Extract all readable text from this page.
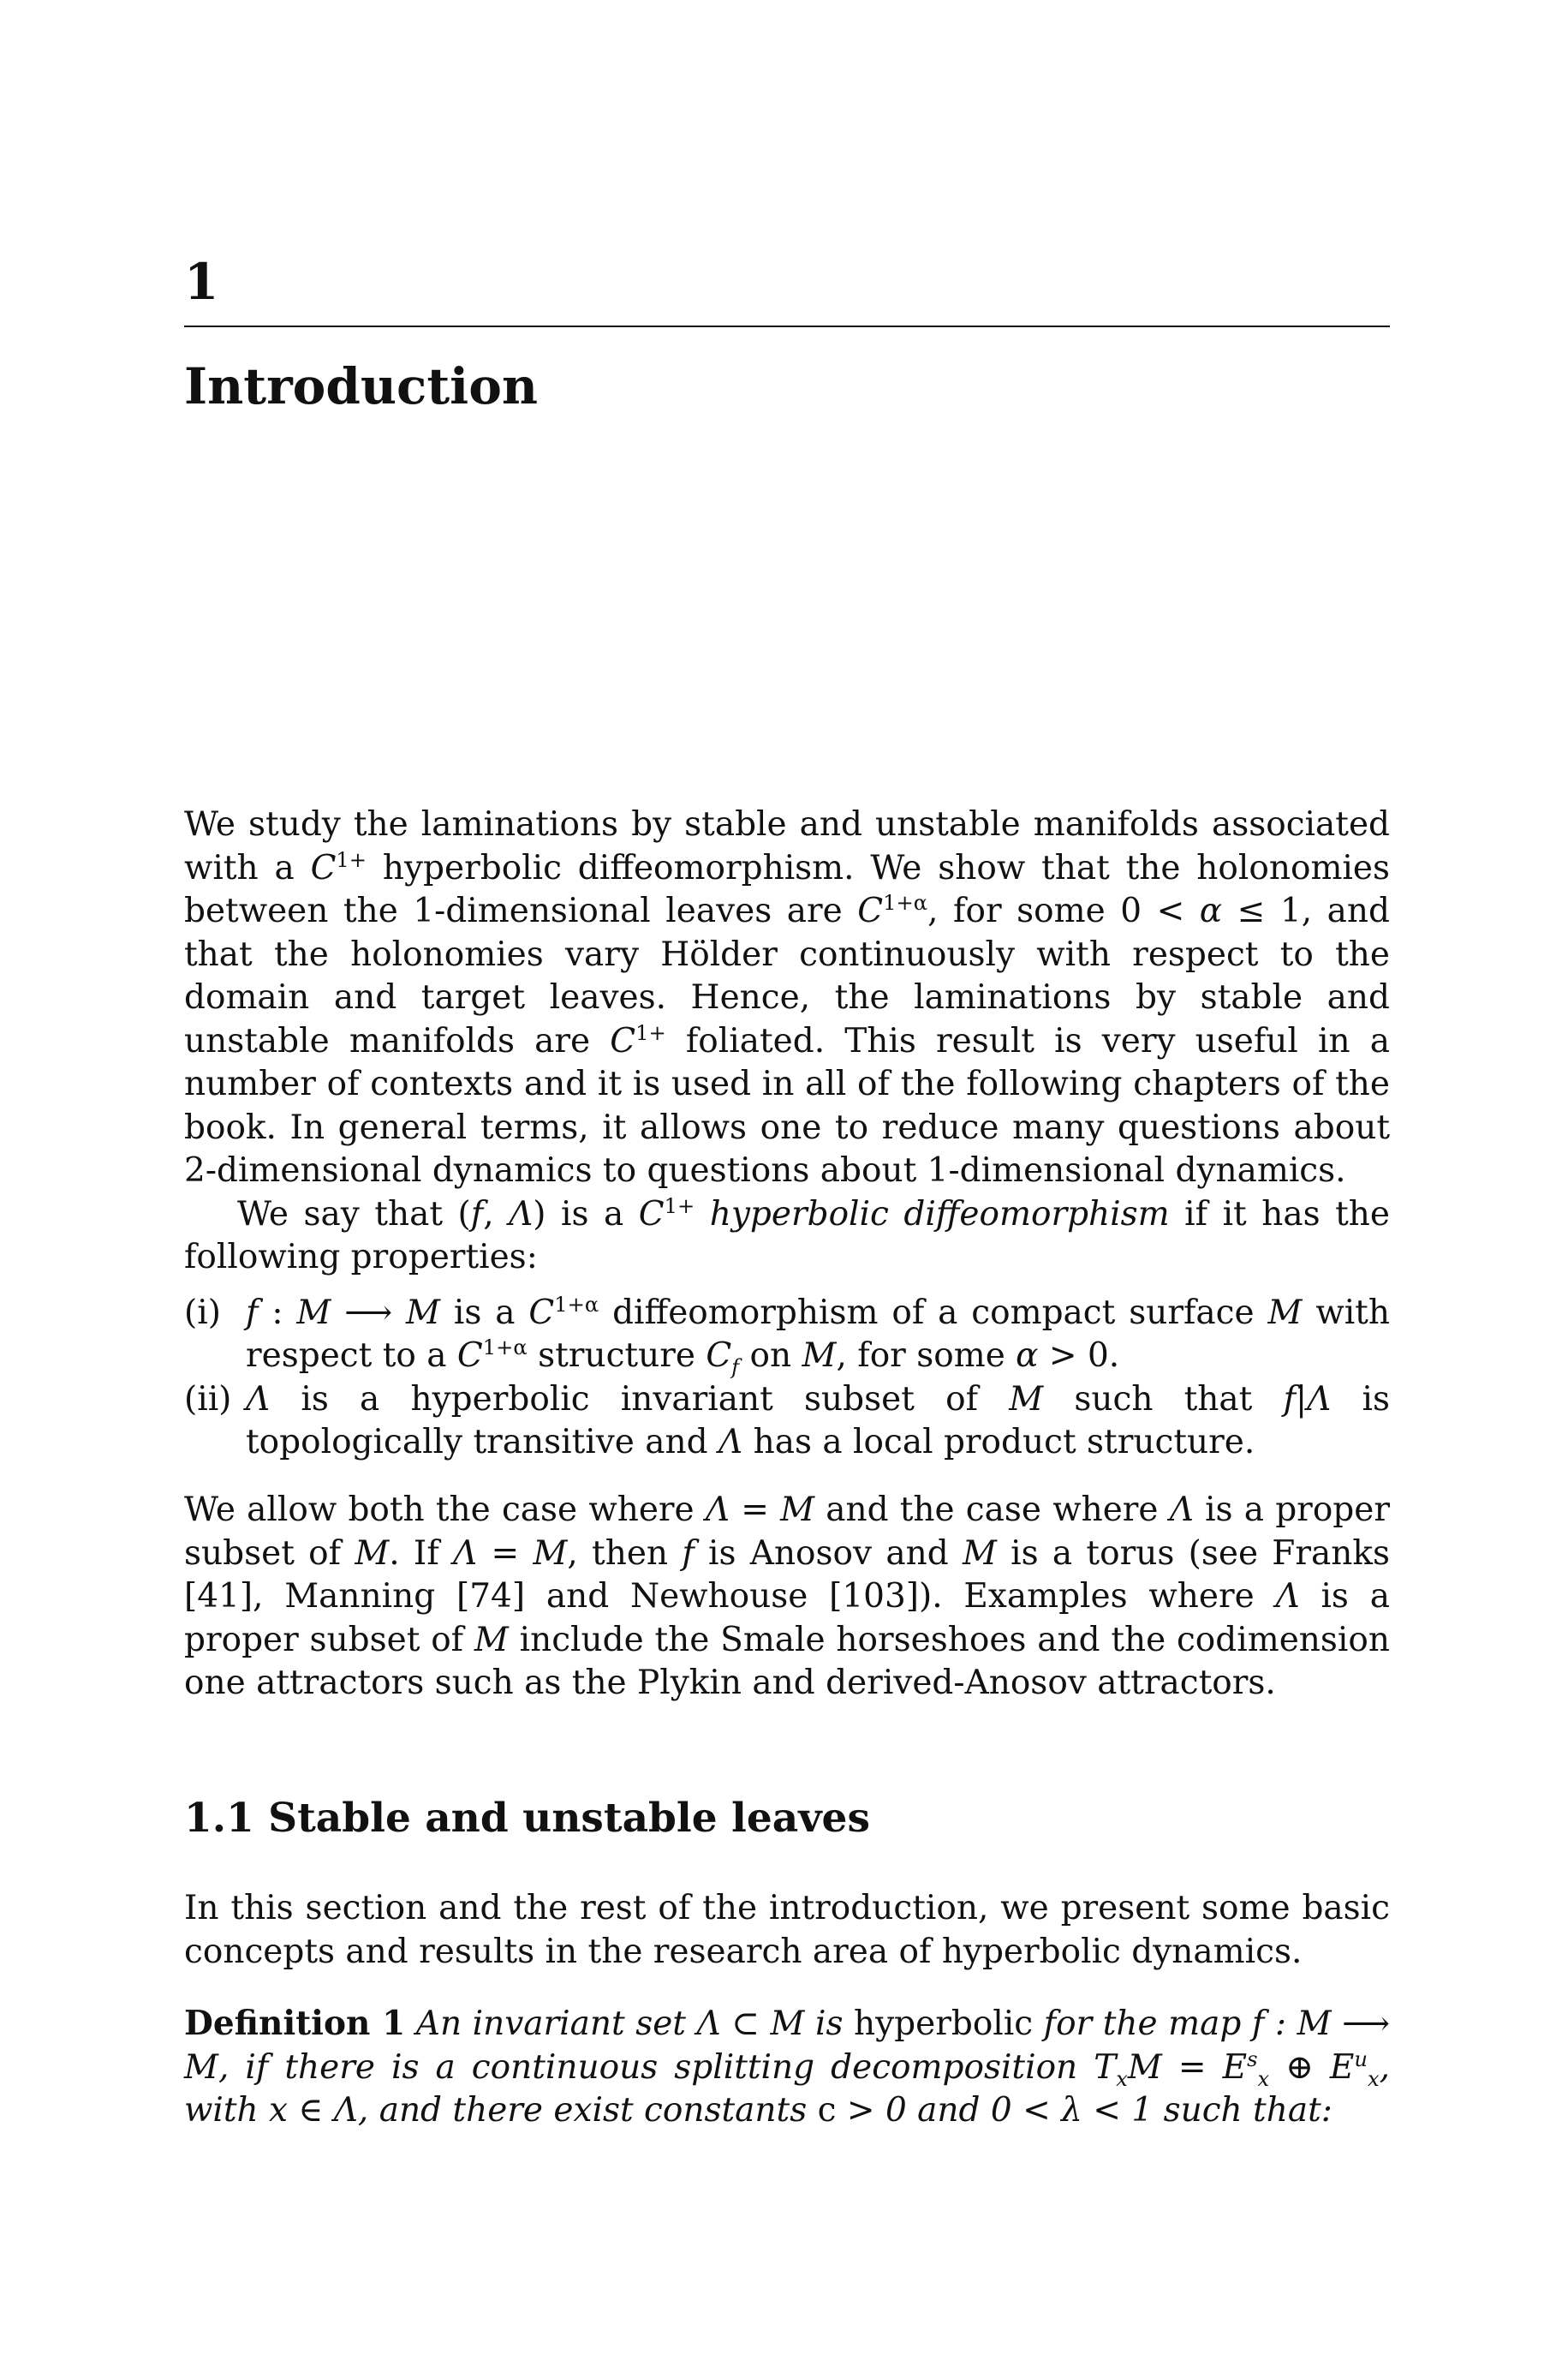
1
Introduction

We study the laminations by stable and unstable manifolds associated with a $C^{1+}$ hyperbolic diffeomorphism. We show that the holonomies between the 1-dimensional leaves are $C^{1+\alpha}$, for some 0 < α ≤ 1, and that the holonomies vary Hölder continuously with respect to the domain and target leaves. Hence, the laminations by stable and unstable manifolds are $C^{1+}$ foliated. This result is very useful in a number of contexts and it is used in all of the following chapters of the book. In general terms, it allows one to reduce many questions about 2-dimensional dynamics to questions about 1-dimensional dynamics.

We say that (f, Λ) is a $C^{1+}$ hyperbolic diffeomorphism if it has the following properties:

(i) f : M ⟶ M is a $C^{1+\alpha}$ diffeomorphism of a compact surface M with respect to a $C^{1+\alpha}$ structure $C_f$ on M, for some α > 0.
(ii) Λ is a hyperbolic invariant subset of M such that f|Λ is topologically transitive and Λ has a local product structure.
We allow both the case where Λ = M and the case where Λ is a proper subset of M. If Λ = M, then f is Anosov and M is a torus (see Franks [41], Manning [74] and Newhouse [103]). Examples where Λ is a proper subset of M include the Smale horseshoes and the codimension one attractors such as the Plykin and derived-Anosov attractors.
1.1 Stable and unstable leaves
In this section and the rest of the introduction, we present some basic concepts and results in the research area of hyperbolic dynamics.
Definition 1 An invariant set Λ ⊂ M is hyperbolic for the map f : M ⟶ M, if there is a continuous splitting decomposition $T_xM = E^s_x$ ⊕ $E^u_x$, with x ∈ Λ, and there exist constants c > 0 and 0 < λ < 1 such that:
